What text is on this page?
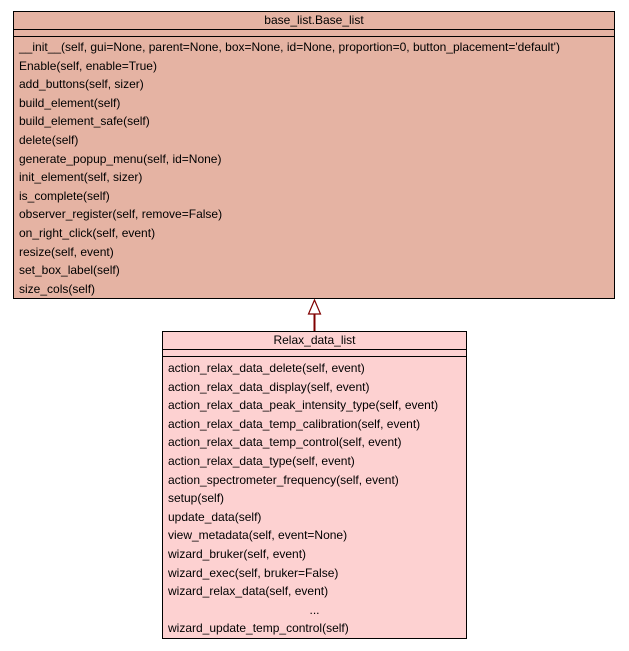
base_list.Base_list
__init__(self, gui=None, parent=None, box=None, id=None, proportion=0, button_placement='default')
Enable(self, enable=True)
add_buttons(self, sizer)
build_element(self)
build_element_safe(self)
delete(self)
generate_popup_menu(self, id=None)
init_element(self, sizer)
is_complete(self)
observer_register(self, remove=False)
on_right_click(self, event)
resize(self, event)
set_box_label(self)
size_cols(self)
Relax_data_list
action_relax_data_delete(self, event)
action_relax_data_display(self, event)
action_relax_data_peak_intensity_type(self, event)
action_relax_data_temp_calibration(self, event)
action_relax_data_temp_control(self, event)
action_relax_data_type(self, event)
action_spectrometer_frequency(self, event)
setup(self)
update_data(self)
view_metadata(self, event=None)
wizard_bruker(self, event)
wizard_exec(self, bruker=False)
wizard_relax_data(self, event)
...
wizard_update_temp_control(self)
